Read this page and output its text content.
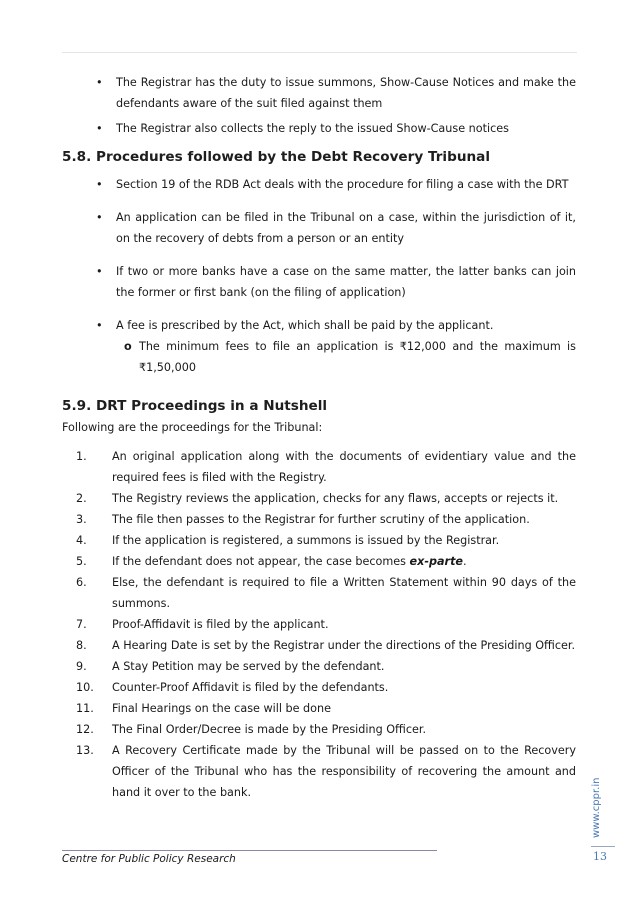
• The Registrar has the duty to issue summons, Show-Cause Notices and make the defendants aware of the suit filed against them
• The Registrar also collects the reply to the issued Show-Cause notices
5.8. Procedures followed by the Debt Recovery Tribunal
• Section 19 of the RDB Act deals with the procedure for filing a case with the DRT
• An application can be filed in the Tribunal on a case, within the jurisdiction of it, on the recovery of debts from a person or an entity
• If two or more banks have a case on the same matter, the latter banks can join the former or first bank (on the filing of application)
• A fee is prescribed by the Act, which shall be paid by the applicant.
o The minimum fees to file an application is ₹12,000 and the maximum is ₹1,50,000
5.9. DRT Proceedings in a Nutshell
Following are the proceedings for the Tribunal:
1. An original application along with the documents of evidentiary value and the required fees is filed with the Registry.
2. The Registry reviews the application, checks for any flaws, accepts or rejects it.
3. The file then passes to the Registrar for further scrutiny of the application.
4. If the application is registered, a summons is issued by the Registrar.
5. If the defendant does not appear, the case becomes ex-parte.
6. Else, the defendant is required to file a Written Statement within 90 days of the summons.
7. Proof-Affidavit is filed by the applicant.
8. A Hearing Date is set by the Registrar under the directions of the Presiding Officer.
9. A Stay Petition may be served by the defendant.
10. Counter-Proof Affidavit is filed by the defendants.
11. Final Hearings on the case will be done
12. The Final Order/Decree is made by the Presiding Officer.
13. A Recovery Certificate made by the Tribunal will be passed on to the Recovery Officer of the Tribunal who has the responsibility of recovering the amount and hand it over to the bank.
Centre for Public Policy Research
www.cppr.in
13
